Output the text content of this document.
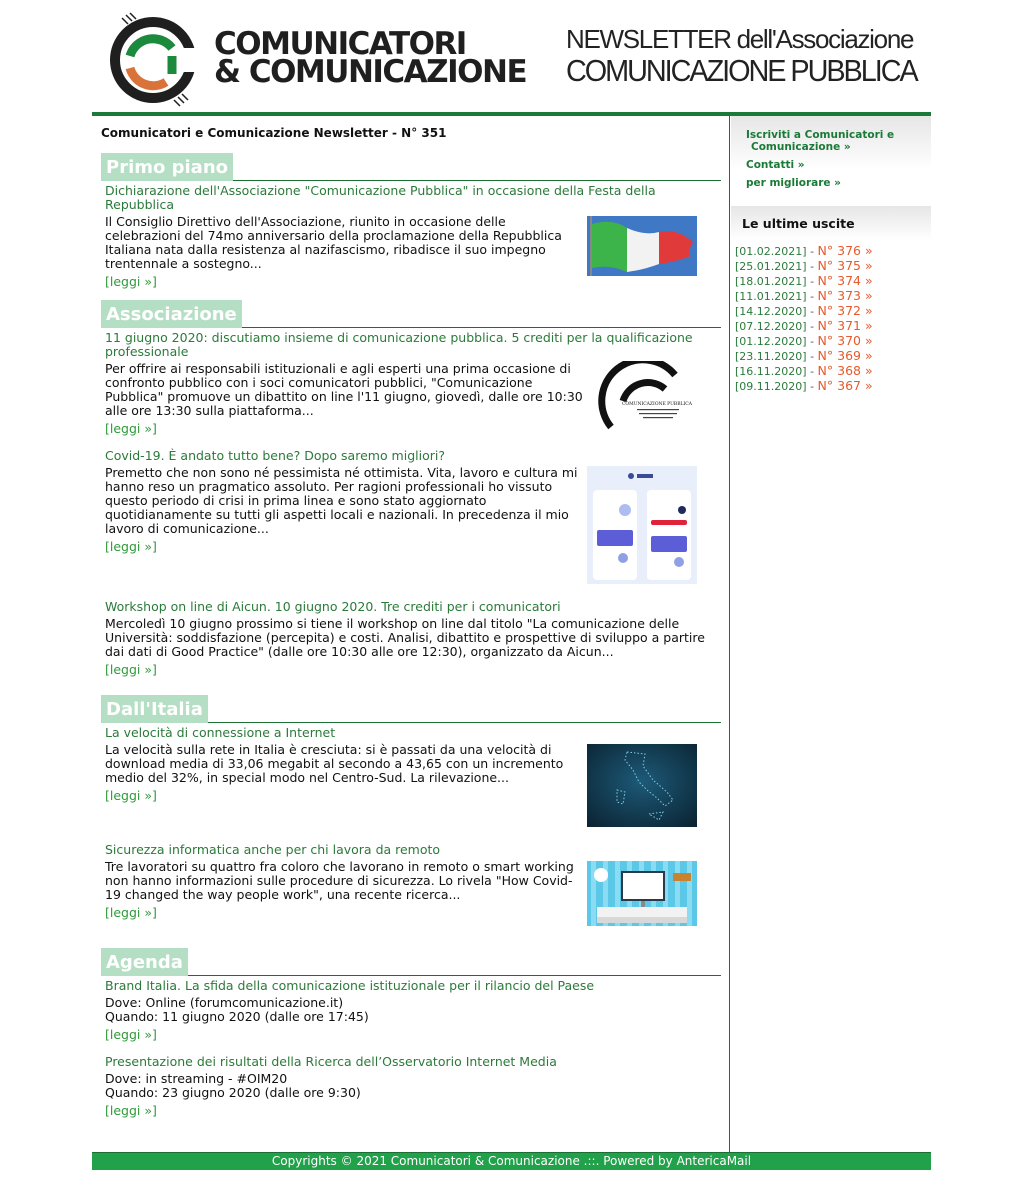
COMUNICATORI
& COMUNICAZIONE
NEWSLETTER dell'Associazione
COMUNICAZIONE PUBBLICA
Comunicatori e Comunicazione Newsletter - N° 351
Primo piano
Dichiarazione dell'Associazione "Comunicazione Pubblica" in occasione della Festa della Repubblica
Il Consiglio Direttivo dell'Associazione, riunito in occasione delle celebrazioni del 74mo anniversario della proclamazione della Repubblica Italiana nata dalla resistenza al nazifascismo, ribadisce il suo impegno trentennale a sostegno...
[leggi »]
Associazione
11 giugno 2020: discutiamo insieme di comunicazione pubblica. 5 crediti per la qualificazione professionale
Per offrire ai responsabili istituzionali e agli esperti una prima occasione di confronto pubblico con i soci comunicatori pubblici, "Comunicazione Pubblica" promuove un dibattito on line l'11 giugno, giovedì, dalle ore 10:30 alle ore 13:30 sulla piattaforma...
[leggi »]
COMUNICAZIONE PUBBLICA
Covid-19. È andato tutto bene? Dopo saremo migliori?
Premetto che non sono né pessimista né ottimista. Vita, lavoro e cultura mi hanno reso un pragmatico assoluto. Per ragioni professionali ho vissuto questo periodo di crisi in prima linea e sono stato aggiornato quotidianamente su tutti gli aspetti locali e nazionali. In precedenza il mio lavoro di comunicazione...
[leggi »]
Workshop on line di Aicun. 10 giugno 2020. Tre crediti per i comunicatori
Mercoledì 10 giugno prossimo si tiene il workshop on line dal titolo "La comunicazione delle Università: soddisfazione (percepita) e costi. Analisi, dibattito e prospettive di sviluppo a partire dai dati di Good Practice" (dalle ore 10:30 alle ore 12:30), organizzato da Aicun...
[leggi »]
Dall'Italia
La velocità di connessione a Internet
La velocità sulla rete in Italia è cresciuta: si è passati da una velocità di download media di 33,06 megabit al secondo a 43,65 con un incremento medio del 32%, in special modo nel Centro-Sud. La rilevazione...
[leggi »]
Sicurezza informatica anche per chi lavora da remoto
Tre lavoratori su quattro fra coloro che lavorano in remoto o smart working non hanno informazioni sulle procedure di sicurezza. Lo rivela "How Covid-19 changed the way people work", una recente ricerca...
[leggi »]
Agenda
Brand Italia. La sfida della comunicazione istituzionale per il rilancio del Paese
Dove: Online (forumcomunicazione.it)
Quando: 11 giugno 2020 (dalle ore 17:45)
[leggi »]
Presentazione dei risultati della Ricerca dell’Osservatorio Internet Media
Dove: in streaming - #OIM20
Quando: 23 giugno 2020 (dalle ore 9:30)
[leggi »]
Iscriviti a Comunicatori e
Comunicazione »
Contatti »
per migliorare »
Le ultime uscite
[01.02.2021] - N° 376 »
[25.01.2021] - N° 375 »
[18.01.2021] - N° 374 »
[11.01.2021] - N° 373 »
[14.12.2020] - N° 372 »
[07.12.2020] - N° 371 »
[01.12.2020] - N° 370 »
[23.11.2020] - N° 369 »
[16.11.2020] - N° 368 »
[09.11.2020] - N° 367 »
Copyrights © 2021 Comunicatori & Comunicazione .::. Powered by AntericaMail
